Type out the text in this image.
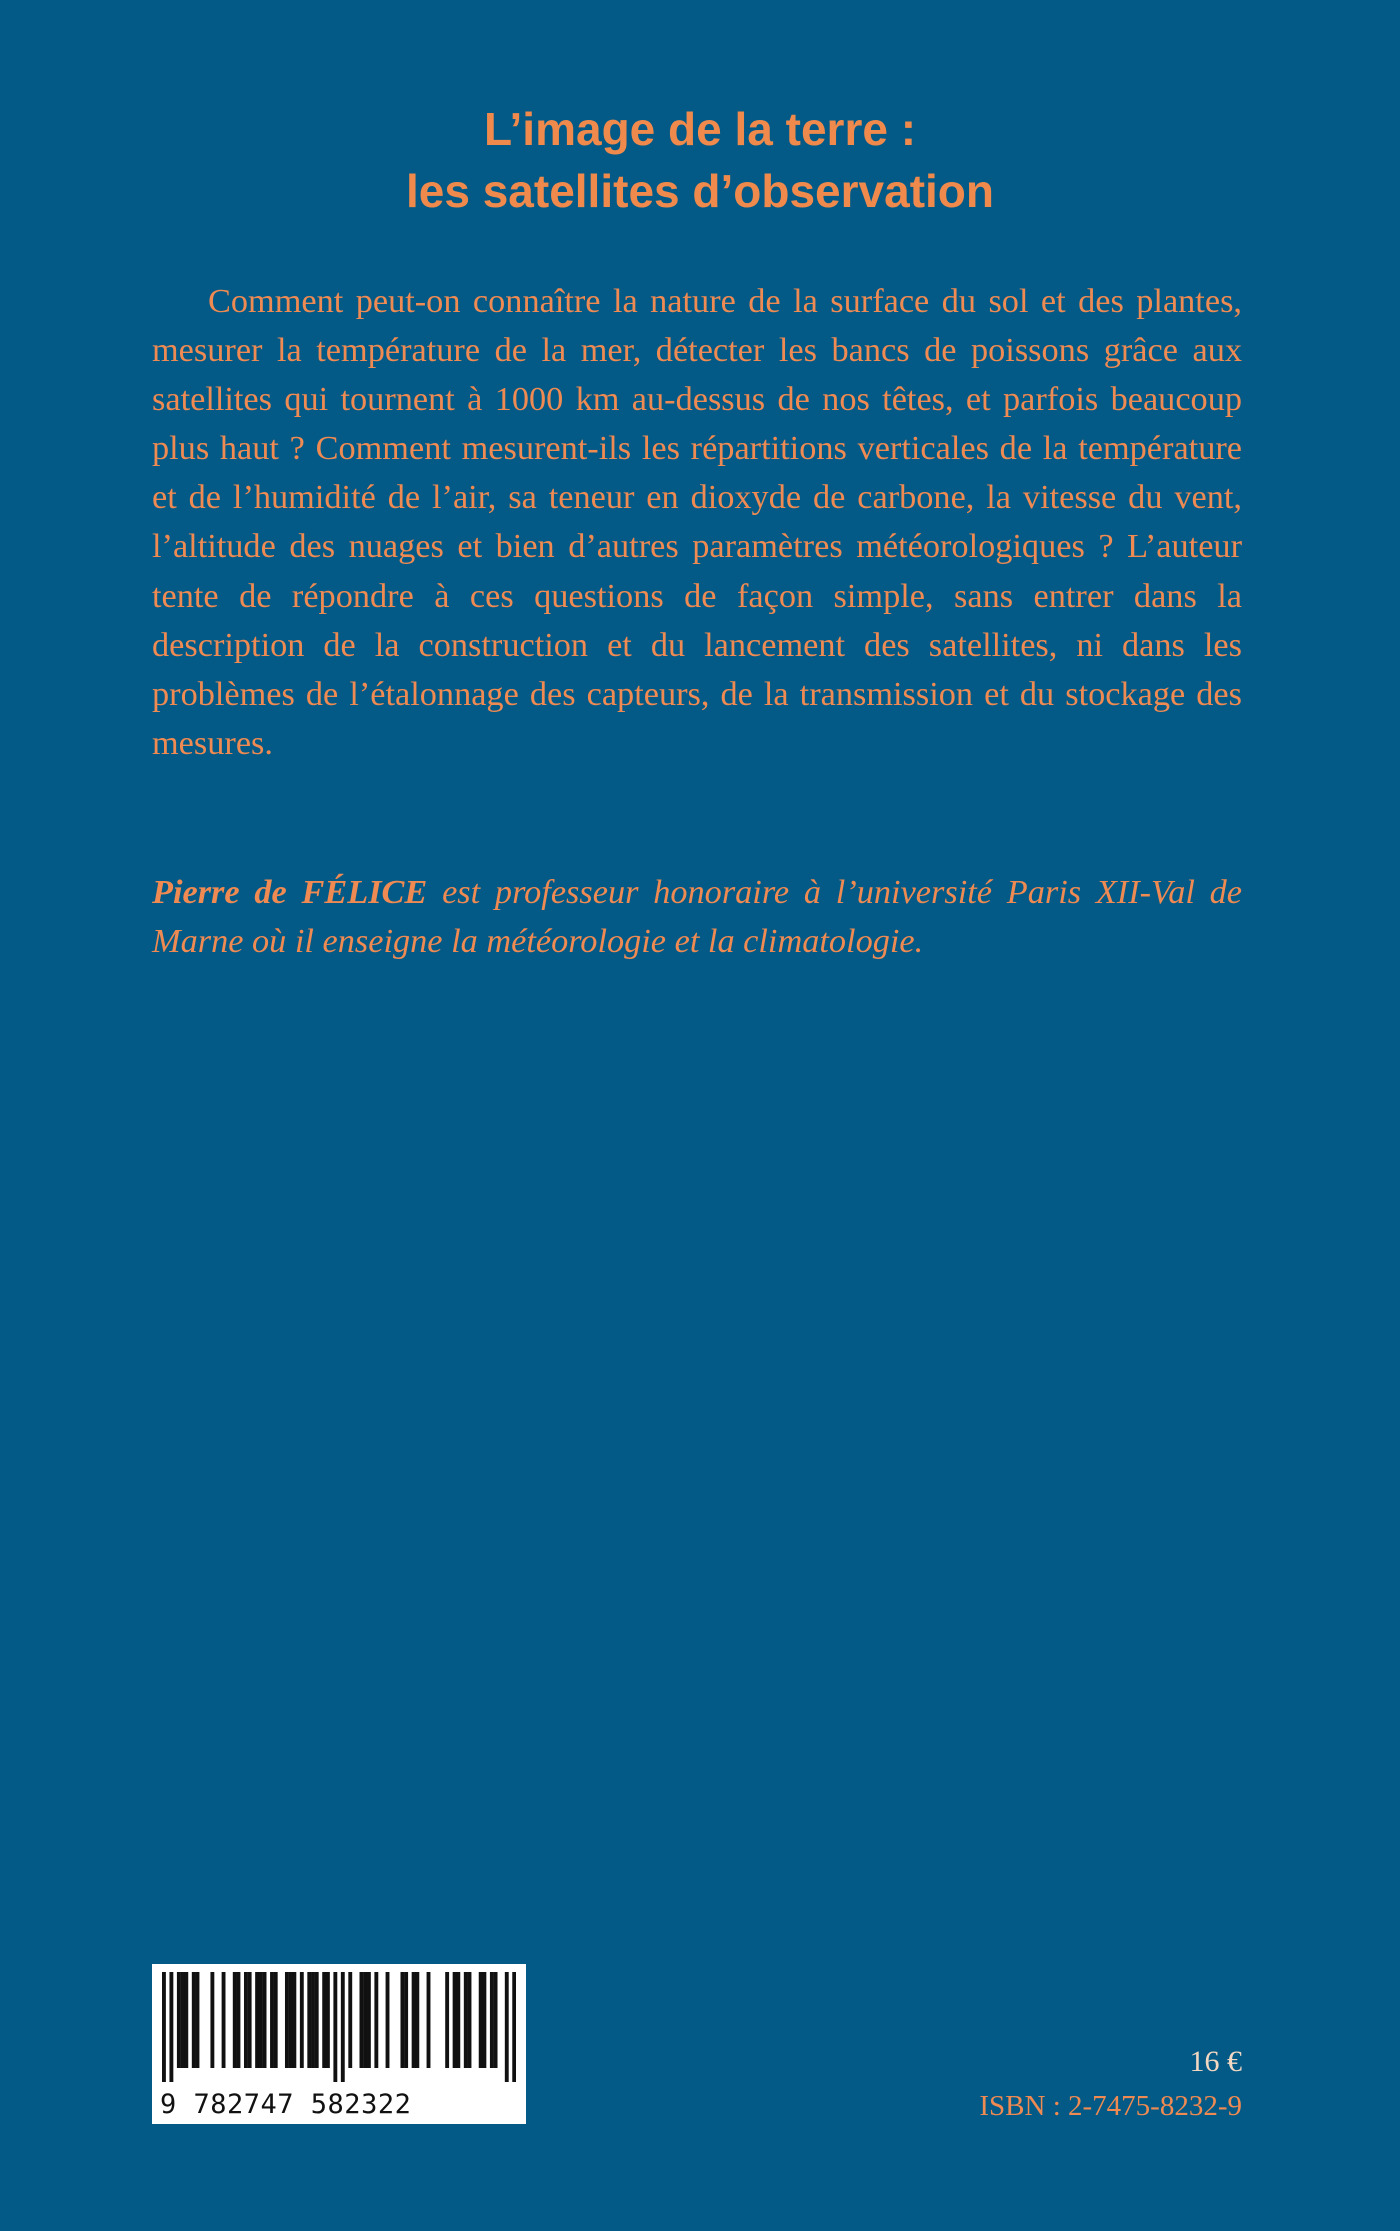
L’image de la terre :
les satellites d’observation

Comment peut-on connaître la nature de la surface du sol et des plantes, mesurer la température de la mer, détecter les bancs de poissons grâce aux satellites qui tournent à 1000 km au-dessus de nos têtes, et parfois beaucoup plus haut ? Comment mesurent-ils les répartitions verticales de la température et de l’humidité de l’air, sa teneur en dioxyde de carbone, la vitesse du vent, l’altitude des nuages et bien d’autres paramètres météorologiques ? L’auteur tente de répondre à ces questions de façon simple, sans entrer dans la description de la construction et du lancement des satellites, ni dans les problèmes de l’étalonnage des capteurs, de la transmission et du stockage des mesures.

Pierre de FÉLICE est professeur honoraire à l’université Paris XII-Val de Marne où il enseigne la météorologie et la climatologie.

9 782747 582322
16 €
ISBN : 2-7475-8232-9
